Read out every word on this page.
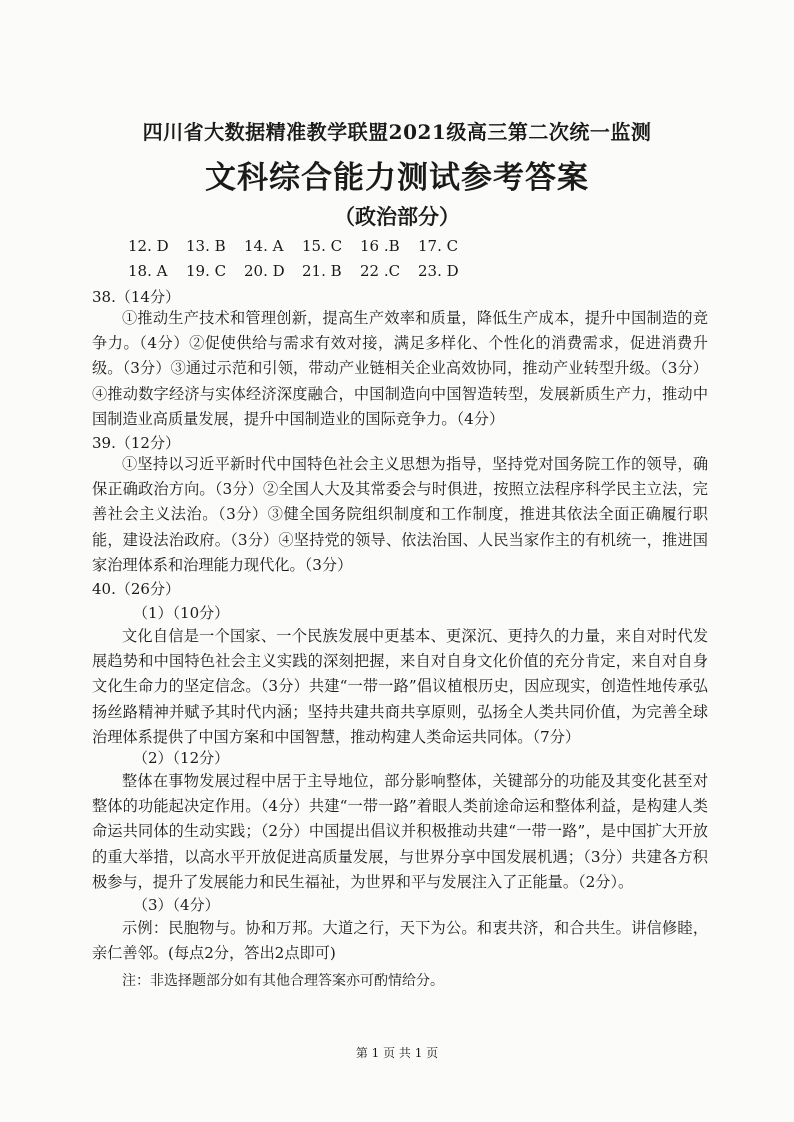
四川省大数据精准教学联盟2021级高三第二次统一监测
文科综合能力测试参考答案
（政治部分）
12. D	13. B	14. A	15. C	16 .B	17. C
18. A	19. C	20. D	21. B	22 .C	23. D
38.（14分）
①推动生产技术和管理创新，提高生产效率和质量，降低生产成本，提升中国制造的竞争力。（4分）②促使供给与需求有效对接，满足多样化、个性化的消费需求，促进消费升级。（3分）③通过示范和引领，带动产业链相关企业高效协同，推动产业转型升级。（3分）④推动数字经济与实体经济深度融合，中国制造向中国智造转型，发展新质生产力，推动中国制造业高质量发展，提升中国制造业的国际竞争力。（4分）
39.（12分）
①坚持以习近平新时代中国特色社会主义思想为指导，坚持党对国务院工作的领导，确保正确政治方向。（3分）②全国人大及其常委会与时俱进，按照立法程序科学民主立法，完善社会主义法治。（3分）③健全国务院组织制度和工作制度，推进其依法全面正确履行职能，建设法治政府。（3分）④坚持党的领导、依法治国、人民当家作主的有机统一，推进国家治理体系和治理能力现代化。（3分）
40.（26分）
（1）（10分）
文化自信是一个国家、一个民族发展中更基本、更深沉、更持久的力量，来自对时代发展趋势和中国特色社会主义实践的深刻把握，来自对自身文化价值的充分肯定，来自对自身文化生命力的坚定信念。（3分）共建“一带一路”倡议植根历史，因应现实，创造性地传承弘扬丝路精神并赋予其时代内涵；坚持共建共商共享原则，弘扬全人类共同价值，为完善全球治理体系提供了中国方案和中国智慧，推动构建人类命运共同体。（7分）
（2）（12分）
整体在事物发展过程中居于主导地位，部分影响整体，关键部分的功能及其变化甚至对整体的功能起决定作用。（4分）共建“一带一路”着眼人类前途命运和整体利益，是构建人类命运共同体的生动实践；（2分）中国提出倡议并积极推动共建“一带一路”，是中国扩大开放的重大举措，以高水平开放促进高质量发展，与世界分享中国发展机遇；（3分）共建各方积极参与，提升了发展能力和民生福祉，为世界和平与发展注入了正能量。（2分）。
（3）（4分）
示例：民胞物与。协和万邦。大道之行，天下为公。和衷共济，和合共生。讲信修睦，亲仁善邻。(每点2分，答出2点即可)
注：非选择题部分如有其他合理答案亦可酌情给分。
第 1 页 共 1 页
